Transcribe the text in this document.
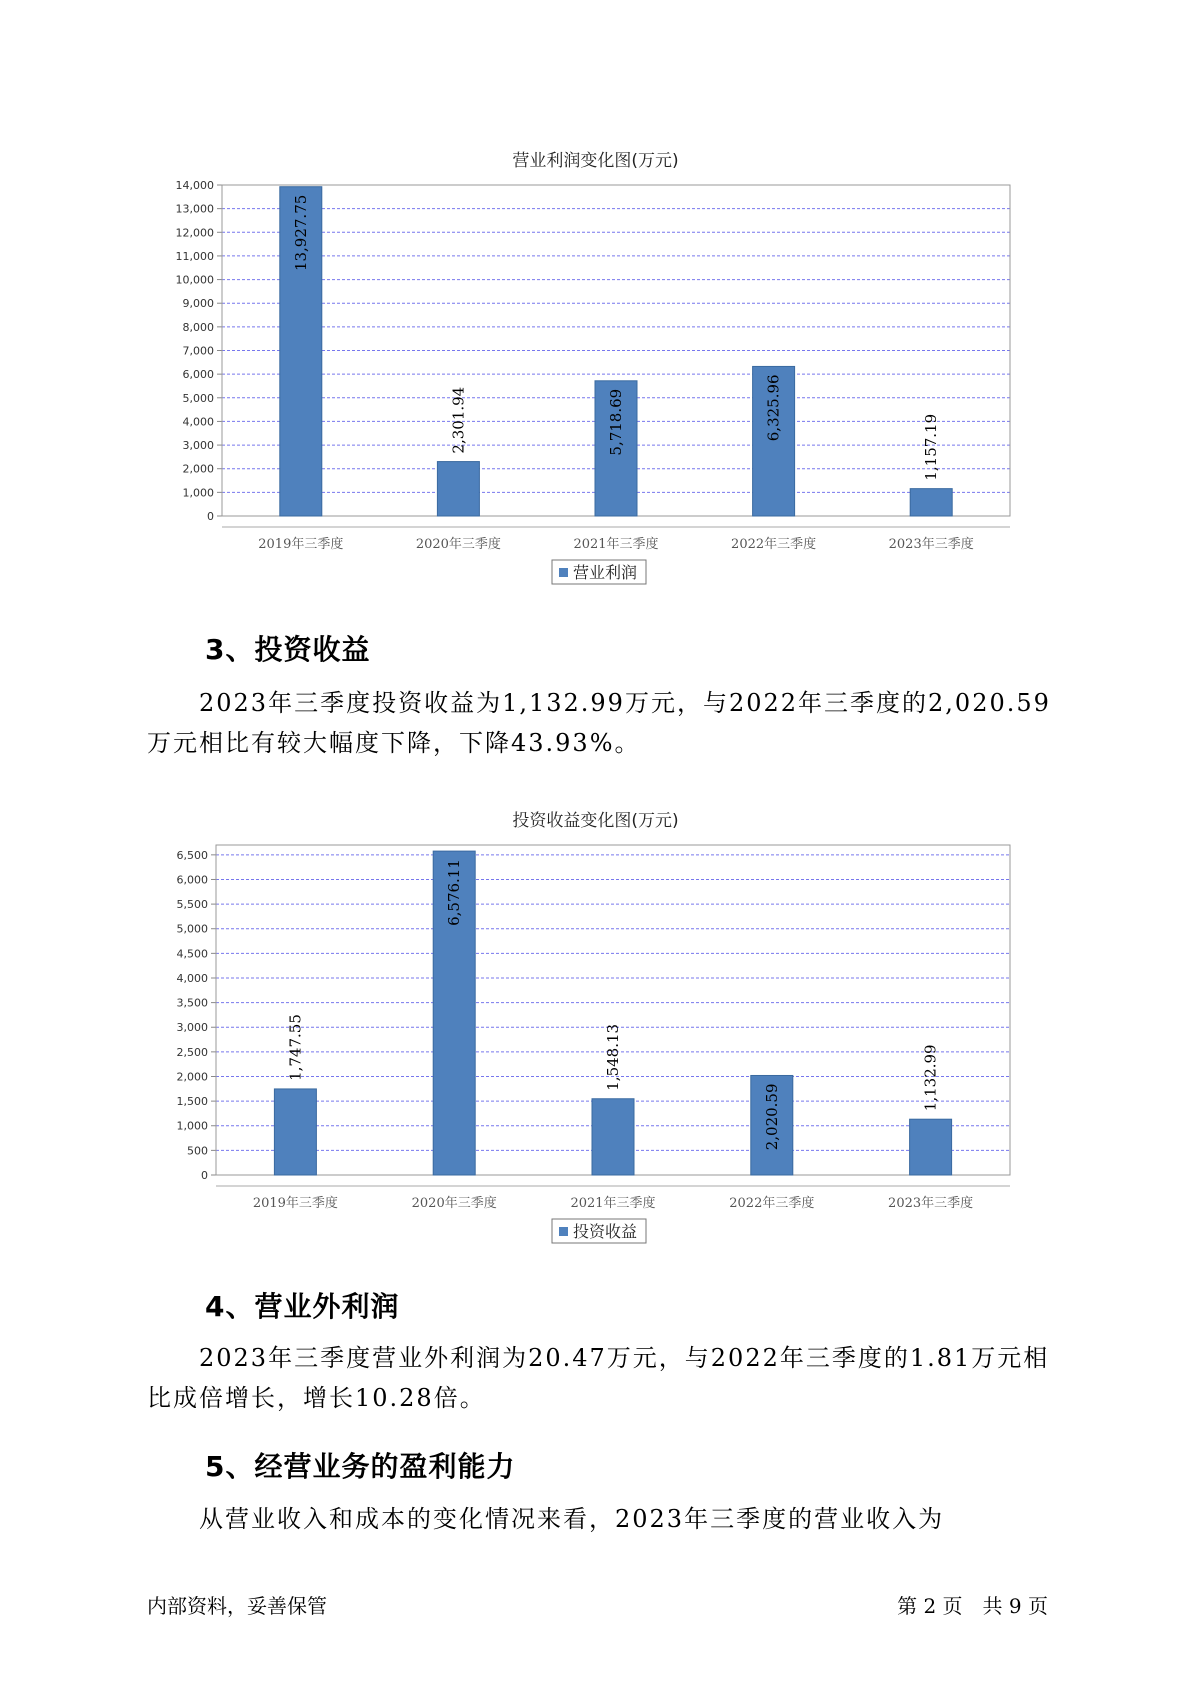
营业利润变化图(万元)
0
1,000
2,000
3,000
4,000
5,000
6,000
7,000
8,000
9,000
10,000
11,000
12,000
13,000
14,000
13,927.75
2019年三季度
2,301.94
2020年三季度
5,718.69
2021年三季度
6,325.96
2022年三季度
1,157.19
2023年三季度
营业利润
3、投资收益
2023年三季度投资收益为1,132.99万元，与2022年三季度的2,020.59
万元相比有较大幅度下降，下降43.93%。
投资收益变化图(万元)
0
500
1,000
1,500
2,000
2,500
3,000
3,500
4,000
4,500
5,000
5,500
6,000
6,500
1,747.55
2019年三季度
6,576.11
2020年三季度
1,548.13
2021年三季度
2,020.59
2022年三季度
1,132.99
2023年三季度
投资收益
4、营业外利润
2023年三季度营业外利润为20.47万元，与2022年三季度的1.81万元相
比成倍增长，增长10.28倍。
5、经营业务的盈利能力
从营业收入和成本的变化情况来看，2023年三季度的营业收入为
内部资料，妥善保管	第 2 页　共 9 页
